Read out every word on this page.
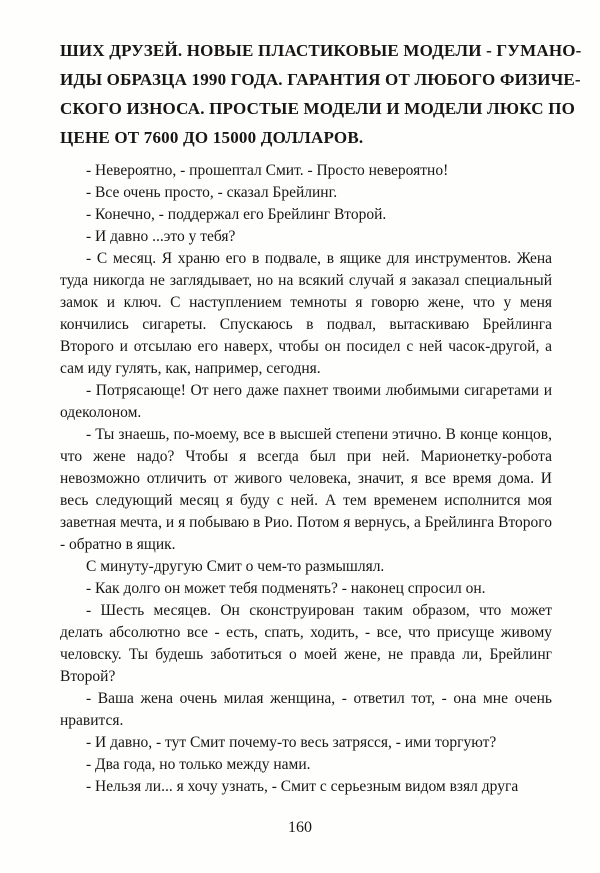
ШИХ ДРУЗЕЙ. НОВЫЕ ПЛАСТИКОВЫЕ МОДЕЛИ - ГУМАНО-
ИДЫ ОБРАЗЦА 1990 ГОДА. ГАРАНТИЯ ОТ ЛЮБОГО ФИЗИЧЕ-
СКОГО ИЗНОСА. ПРОСТЫЕ МОДЕЛИ И МОДЕЛИ ЛЮКС ПО
ЦЕНЕ ОТ 7600 ДО 15000 ДОЛЛАРОВ.

- Невероятно, - прошептал Смит. - Просто невероятно!

- Все очень просто, - сказал Брейлинг.

- Конечно, - поддержал его Брейлинг Второй.

- И давно ...это у тебя?

- С месяц. Я храню его в подвале, в ящике для инструментов. Жена туда никогда не заглядывает, но на всякий случай я заказал специальный замок и ключ. С наступлением темноты я говорю жене, что у меня кончились сигареты. Спускаюсь в подвал, вытаскиваю Брейлинга Второго и отсылаю его наверх, чтобы он посидел с ней часок-другой, а сам иду гулять, как, например, сегодня.

- Потрясающе! От него даже пахнет твоими любимыми сигаретами и одеколоном.

- Ты знаешь, по-моему, все в высшей степени этично. В конце концов, что жене надо? Чтобы я всегда был при ней. Марионетку-робота невозможно отличить от живого человека, значит, я все время дома. И весь следующий месяц я буду с ней. А тем временем исполнится моя заветная мечта, и я побываю в Рио. Потом я вернусь, а Брейлинга Второго - обратно в ящик.

С минуту-другую Смит о чем-то размышлял.

- Как долго он может тебя подменять? - наконец спросил он.

- Шесть месяцев. Он сконструирован таким образом, что может делать абсолютно все - есть, спать, ходить, - все, что присуще живому человску. Ты будешь заботиться о моей жене, не правда ли, Брейлинг Второй?

- Ваша жена очень милая женщина, - ответил тот, - она мне очень нравится.

- И давно, - тут Смит почему-то весь затрясся, - ими торгуют?

- Два года, но только между нами.

- Нельзя ли... я хочу узнать, - Смит с серьезным видом взял друга

160
